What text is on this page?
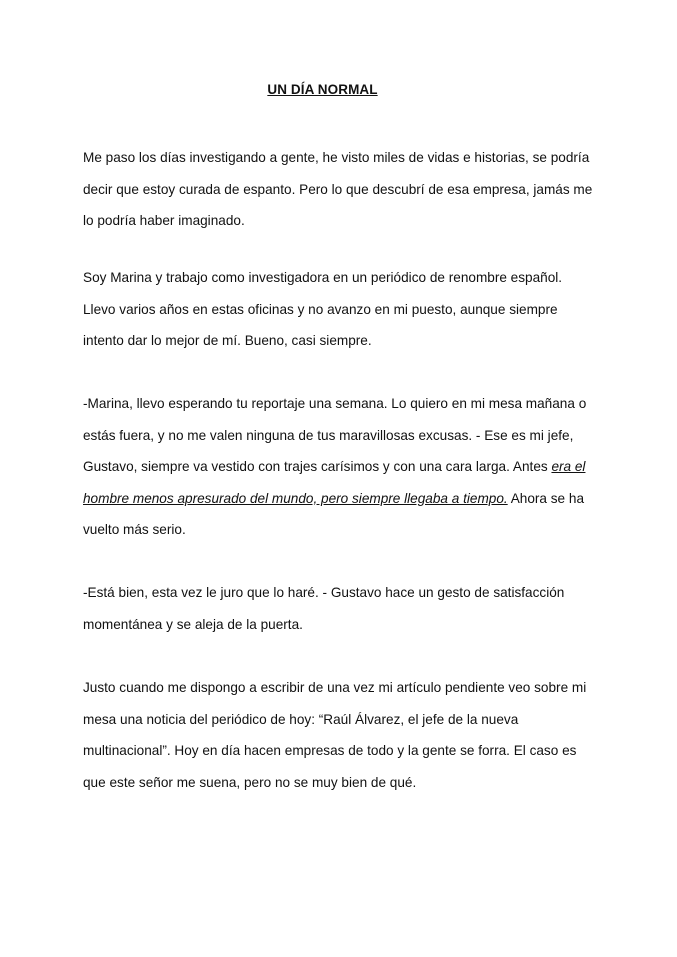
UN DÍA NORMAL

Me paso los días investigando a gente, he visto miles de vidas e historias, se podría
decir que estoy curada de espanto. Pero lo que descubrí de esa empresa, jamás me
lo podría haber imaginado.

Soy Marina y trabajo como investigadora en un periódico de renombre español.
Llevo varios años en estas oficinas y no avanzo en mi puesto, aunque siempre
intento dar lo mejor de mí. Bueno, casi siempre.

-Marina, llevo esperando tu reportaje una semana. Lo quiero en mi mesa mañana o
estás fuera, y no me valen ninguna de tus maravillosas excusas. - Ese es mi jefe,
Gustavo, siempre va vestido con trajes carísimos y con una cara larga. Antes era el
hombre menos apresurado del mundo, pero siempre llegaba a tiempo. Ahora se ha
vuelto más serio.

-Está bien, esta vez le juro que lo haré. - Gustavo hace un gesto de satisfacción
momentánea y se aleja de la puerta.

Justo cuando me dispongo a escribir de una vez mi artículo pendiente veo sobre mi
mesa una noticia del periódico de hoy: “Raúl Álvarez, el jefe de la nueva
multinacional”. Hoy en día hacen empresas de todo y la gente se forra. El caso es
que este señor me suena, pero no se muy bien de qué.
